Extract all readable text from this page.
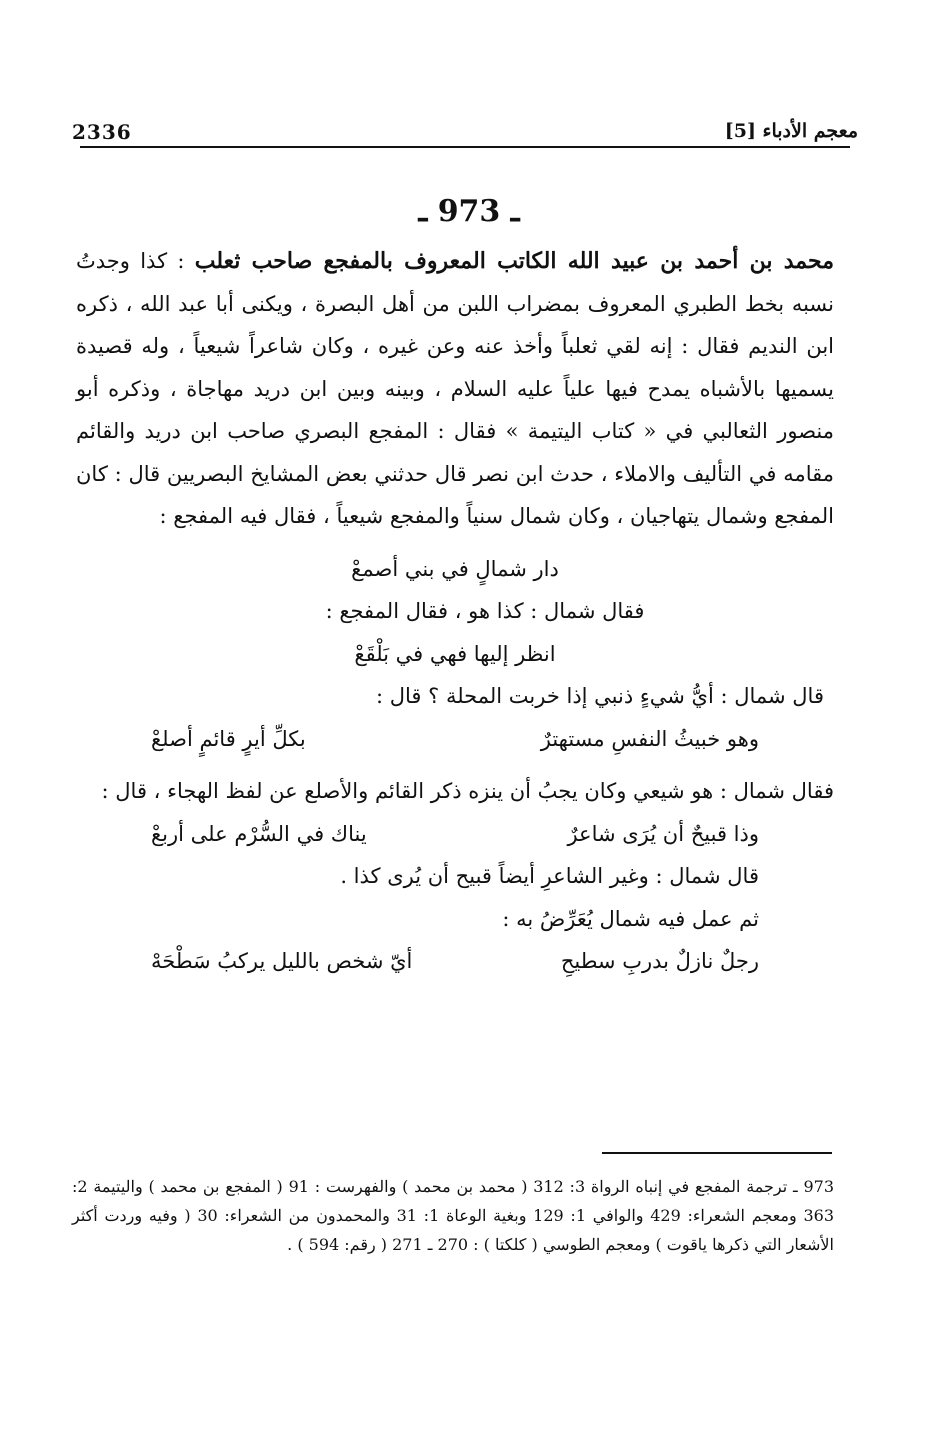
معجم الأدباء [5]
2336
ـ 973 ـ

محمد بن أحمد بن عبيد الله الكاتب المعروف بالمفجع صاحب ثعلب : كذا وجدتُ نسبه بخط الطبري المعروف بمضراب اللبن من أهل البصرة ، ويكنى أبا عبد الله ، ذكره ابن النديم فقال : إنه لقي ثعلباً وأخذ عنه وعن غيره ، وكان شاعراً شيعياً ، وله قصيدة يسميها بالأشباه يمدح فيها علياً عليه السلام ، وبينه وبين ابن دريد مهاجاة ، وذكره أبو منصور الثعالبي في « كتاب اليتيمة » فقال : المفجع البصري صاحب ابن دريد والقائم مقامه في التأليف والاملاء ، حدث ابن نصر قال حدثني بعض المشايخ البصريين قال : كان المفجع وشمال يتهاجيان ، وكان شمال سنياً والمفجع شيعياً ، فقال فيه المفجع :

دار شمالٍ في بني أصمعْ

فقال شمال : كذا هو ، فقال المفجع :

انظر إليها فهي في بَلْقَعْ

قال شمال : أيُّ شيءٍ ذنبي إذا خربت المحلة ؟ قال :

وهو خبيثُ النفسِ مستهترٌ
بكلِّ أيرٍ قائمٍ أصلعْ

فقال شمال : هو شيعي وكان يجبُ أن ينزه ذكر القائم والأصلع عن لفظ الهجاء ، قال :

وذا قبيحٌ أن يُرَى شاعرٌ
يناك في السُّرْم على أربعْ

قال شمال : وغير الشاعرِ أيضاً قبيح أن يُرى كذا .

ثم عمل فيه شمال يُعَرِّضُ به :

رجلٌ نازلٌ بدربِ سطيحِ
أيّ شخص بالليل يركبُ سَطْحَهْ
973 ـ ترجمة المفجع في إنباه الرواة 3: 312 ( محمد بن محمد ) والفهرست : 91 ( المفجع بن محمد ) واليتيمة 2: 363 ومعجم الشعراء: 429 والوافي 1: 129 وبغية الوعاة 1: 31 والمحمدون من الشعراء: 30 ( وفيه وردت أكثر الأشعار التي ذكرها ياقوت ) ومعجم الطوسي ( كلكتا ) : 270 ـ 271 ( رقم: 594 ) .
